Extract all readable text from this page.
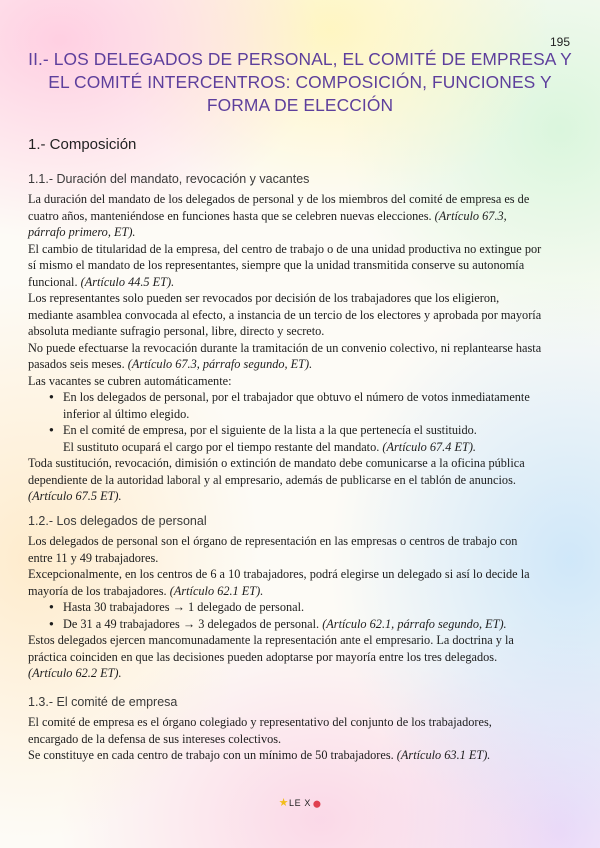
195
II.- LOS DELEGADOS DE PERSONAL, EL COMITÉ DE EMPRESA Y EL COMITÉ INTERCENTROS: COMPOSICIÓN, FUNCIONES Y FORMA DE ELECCIÓN
1.- Composición
1.1.- Duración del mandato, revocación y vacantes

La duración del mandato de los delegados de personal y de los miembros del comité de empresa es de cuatro años, manteniéndose en funciones hasta que se celebren nuevas elecciones. (Artículo 67.3, párrafo primero, ET).

El cambio de titularidad de la empresa, del centro de trabajo o de una unidad productiva no extingue por sí mismo el mandato de los representantes, siempre que la unidad transmitida conserve su autonomía funcional. (Artículo 44.5 ET).

Los representantes solo pueden ser revocados por decisión de los trabajadores que los eligieron, mediante asamblea convocada al efecto, a instancia de un tercio de los electores y aprobada por mayoría absoluta mediante sufragio personal, libre, directo y secreto.

No puede efectuarse la revocación durante la tramitación de un convenio colectivo, ni replantearse hasta pasados seis meses. (Artículo 67.3, párrafo segundo, ET).

Las vacantes se cubren automáticamente:

● En los delegados de personal, por el trabajador que obtuvo el número de votos inmediatamente inferior al último elegido.
● En el comité de empresa, por el siguiente de la lista a la que pertenecía el sustituido.
El sustituto ocupará el cargo por el tiempo restante del mandato. (Artículo 67.4 ET).

Toda sustitución, revocación, dimisión o extinción de mandato debe comunicarse a la oficina pública dependiente de la autoridad laboral y al empresario, además de publicarse en el tablón de anuncios. (Artículo 67.5 ET).

1.2.- Los delegados de personal

Los delegados de personal son el órgano de representación en las empresas o centros de trabajo con entre 11 y 49 trabajadores.

Excepcionalmente, en los centros de 6 a 10 trabajadores, podrá elegirse un delegado si así lo decide la mayoría de los trabajadores. (Artículo 62.1 ET).

● Hasta 30 trabajadores → 1 delegado de personal.
● De 31 a 49 trabajadores → 3 delegados de personal. (Artículo 62.1, párrafo segundo, ET).

Estos delegados ejercen mancomunadamente la representación ante el empresario. La doctrina y la práctica coinciden en que las decisiones pueden adoptarse por mayoría entre los tres delegados. (Artículo 62.2 ET).

1.3.- El comité de empresa

El comité de empresa es el órgano colegiado y representativo del conjunto de los trabajadores, encargado de la defensa de sus intereses colectivos.

Se constituye en cada centro de trabajo con un mínimo de 50 trabajadores. (Artículo 63.1 ET).

★LE X ⬤
